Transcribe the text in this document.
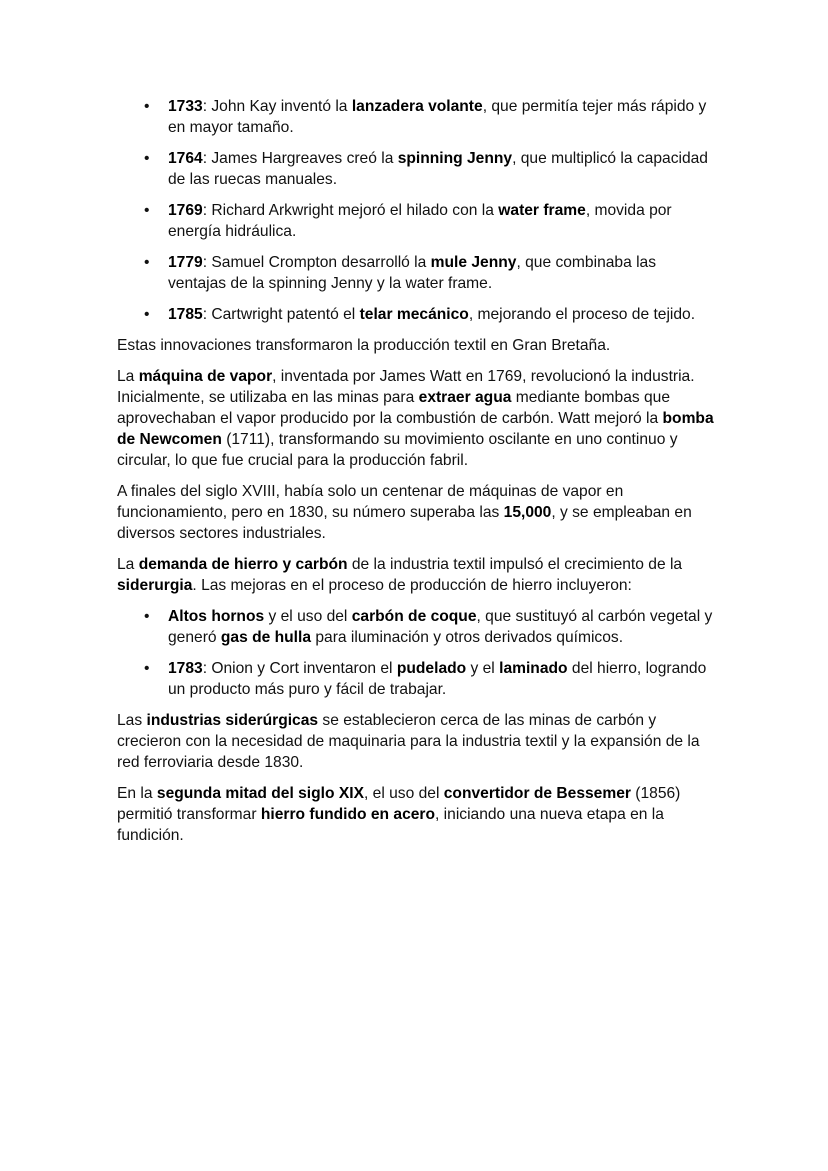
• 1733: John Kay inventó la lanzadera volante, que permitía tejer más rápido y en mayor tamaño.
• 1764: James Hargreaves creó la spinning Jenny, que multiplicó la capacidad de las ruecas manuales.
• 1769: Richard Arkwright mejoró el hilado con la water frame, movida por energía hidráulica.
• 1779: Samuel Crompton desarrolló la mule Jenny, que combinaba las ventajas de la spinning Jenny y la water frame.
• 1785: Cartwright patentó el telar mecánico, mejorando el proceso de tejido.

Estas innovaciones transformaron la producción textil en Gran Bretaña.

La máquina de vapor, inventada por James Watt en 1769, revolucionó la industria. Inicialmente, se utilizaba en las minas para extraer agua mediante bombas que aprovechaban el vapor producido por la combustión de carbón. Watt mejoró la bomba de Newcomen (1711), transformando su movimiento oscilante en uno continuo y circular, lo que fue crucial para la producción fabril.

A finales del siglo XVIII, había solo un centenar de máquinas de vapor en funcionamiento, pero en 1830, su número superaba las 15,000, y se empleaban en diversos sectores industriales.

La demanda de hierro y carbón de la industria textil impulsó el crecimiento de la siderurgia. Las mejoras en el proceso de producción de hierro incluyeron:

• Altos hornos y el uso del carbón de coque, que sustituyó al carbón vegetal y generó gas de hulla para iluminación y otros derivados químicos.
• 1783: Onion y Cort inventaron el pudelado y el laminado del hierro, logrando un producto más puro y fácil de trabajar.

Las industrias siderúrgicas se establecieron cerca de las minas de carbón y crecieron con la necesidad de maquinaria para la industria textil y la expansión de la red ferroviaria desde 1830.

En la segunda mitad del siglo XIX, el uso del convertidor de Bessemer (1856) permitió transformar hierro fundido en acero, iniciando una nueva etapa en la fundición.
